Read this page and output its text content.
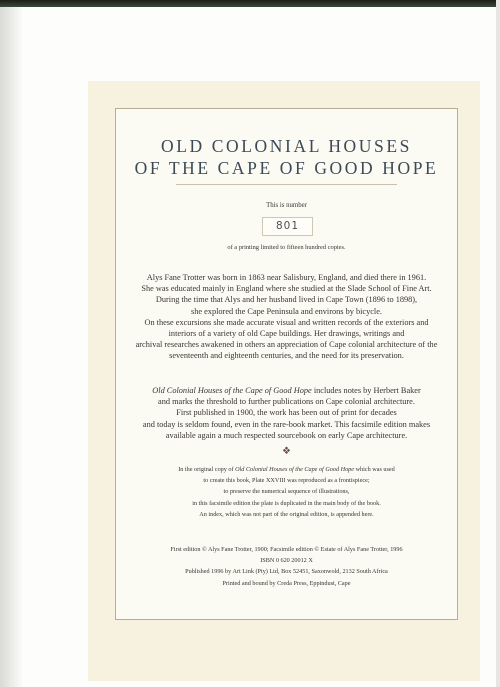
OLD COLONIAL HOUSES
OF THE CAPE OF GOOD HOPE
This is number
801
of a printing limited to fifteen hundred copies.
Alys Fane Trotter was born in 1863 near Salisbury, England, and died there in 1961.
She was educated mainly in England where she studied at the Slade School of Fine Art.
During the time that Alys and her husband lived in Cape Town (1896 to 1898),
she explored the Cape Peninsula and environs by bicycle.
On these excursions she made accurate visual and written records of the exteriors and
interiors of a variety of old Cape buildings. Her drawings, writings and
archival researches awakened in others an appreciation of Cape colonial architecture of the
seventeenth and eighteenth centuries, and the need for its preservation.
Old Colonial Houses of the Cape of Good Hope includes notes by Herbert Baker
and marks the threshold to further publications on Cape colonial architecture.
First published in 1900, the work has been out of print for decades
and today is seldom found, even in the rare-book market. This facsimile edition makes
available again a much respected sourcebook on early Cape architecture.
❖
In the original copy of Old Colonial Houses of the Cape of Good Hope which was used
to create this book, Plate XXVIII was reproduced as a frontispiece;
to preserve the numerical sequence of illustrations,
in this facsimile edition the plate is duplicated in the main body of the book.
An index, which was not part of the original edition, is appended here.
First edition © Alys Fane Trotter, 1900; Facsimile edition © Estate of Alys Fane Trotter, 1996
ISBN 0 620 20012 X
Published 1996 by Art Link (Pty) Ltd, Box 52451, Saxonwold, 2132 South Africa
Printed and bound by Creda Press, Eppindust, Cape
